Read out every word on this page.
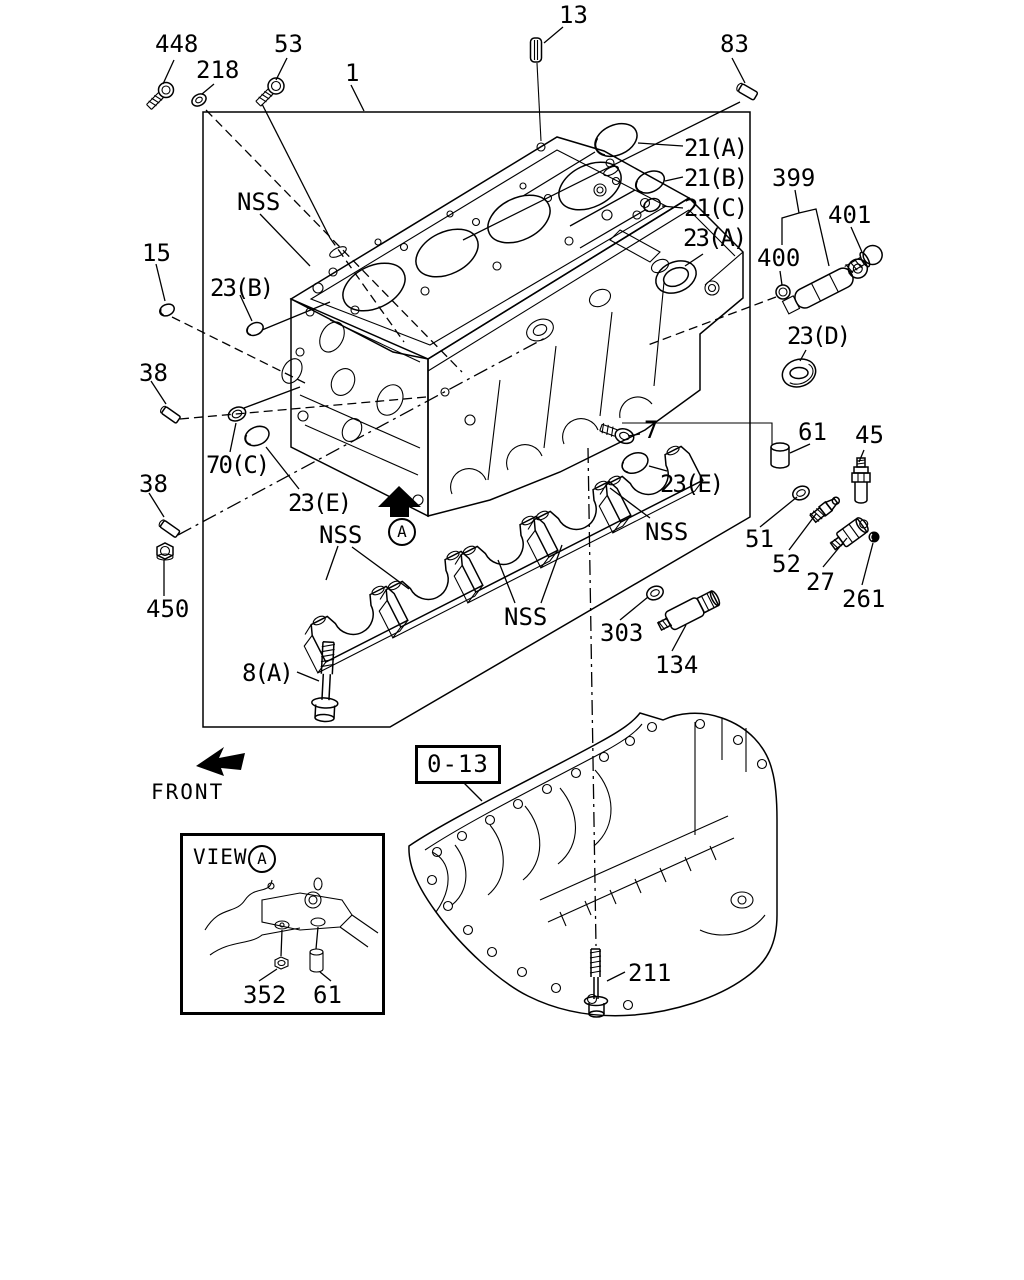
448
218
53
1
13
83
21(A)
21(B)
21(C)
23(A)
399
401
400
23(D)
61 45
7
23(E)
NSS 51
52
27
261
303
134
NSS
NSS
15
23(B)
38
70(C)
38
450
23(E)
NSS
8(A)
211
352 61
FRONT
A
0-13
VIEW A
